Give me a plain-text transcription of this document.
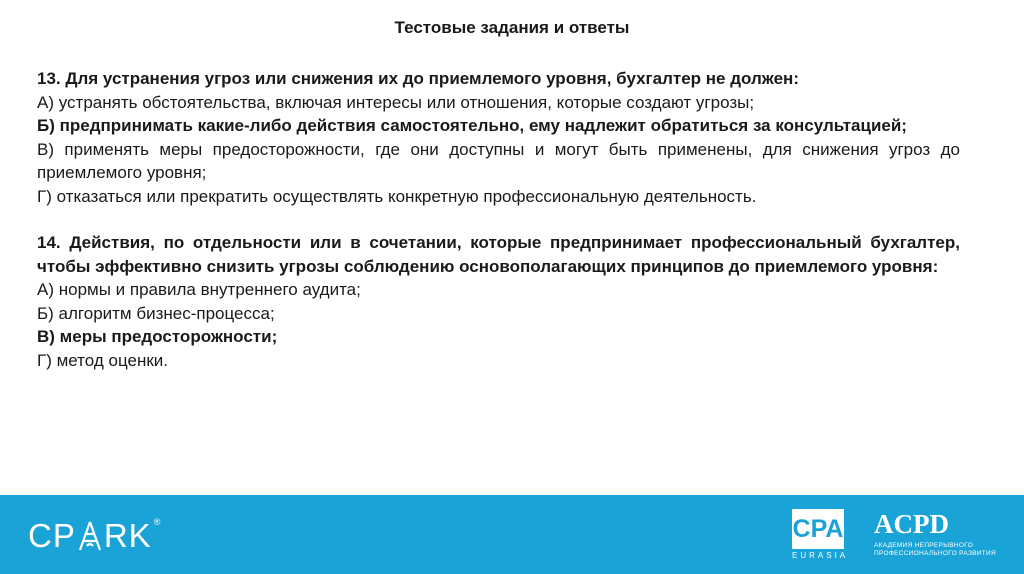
Тестовые задания и ответы

13. Для устранения угроз или снижения их до приемлемого уровня, бухгалтер не должен:

А) устранять обстоятельства, включая интересы или отношения, которые создают угрозы;

Б) предпринимать какие-либо действия самостоятельно, ему надлежит обратиться за консультацией;

В) применять меры предосторожности, где они доступны и могут быть применены, для снижения угроз до приемлемого уровня;

Г) отказаться или прекратить осуществлять конкретную профессиональную деятельность.

14. Действия, по отдельности или в сочетании, которые предпринимает профессиональный бухгалтер, чтобы эффективно снизить угрозы соблюдению основополагающих принципов до приемлемого уровня:

А) нормы и правила внутреннего аудита;

Б) алгоритм бизнес-процесса;

В) меры предосторожности;

Г) метод оценки.

CP RK®	CPA
EURASIA
ACPD
АКАДЕМИЯ НЕПРЕРЫВНОГО ПРОФЕССИОНАЛЬНОГО РАЗВИТИЯ
